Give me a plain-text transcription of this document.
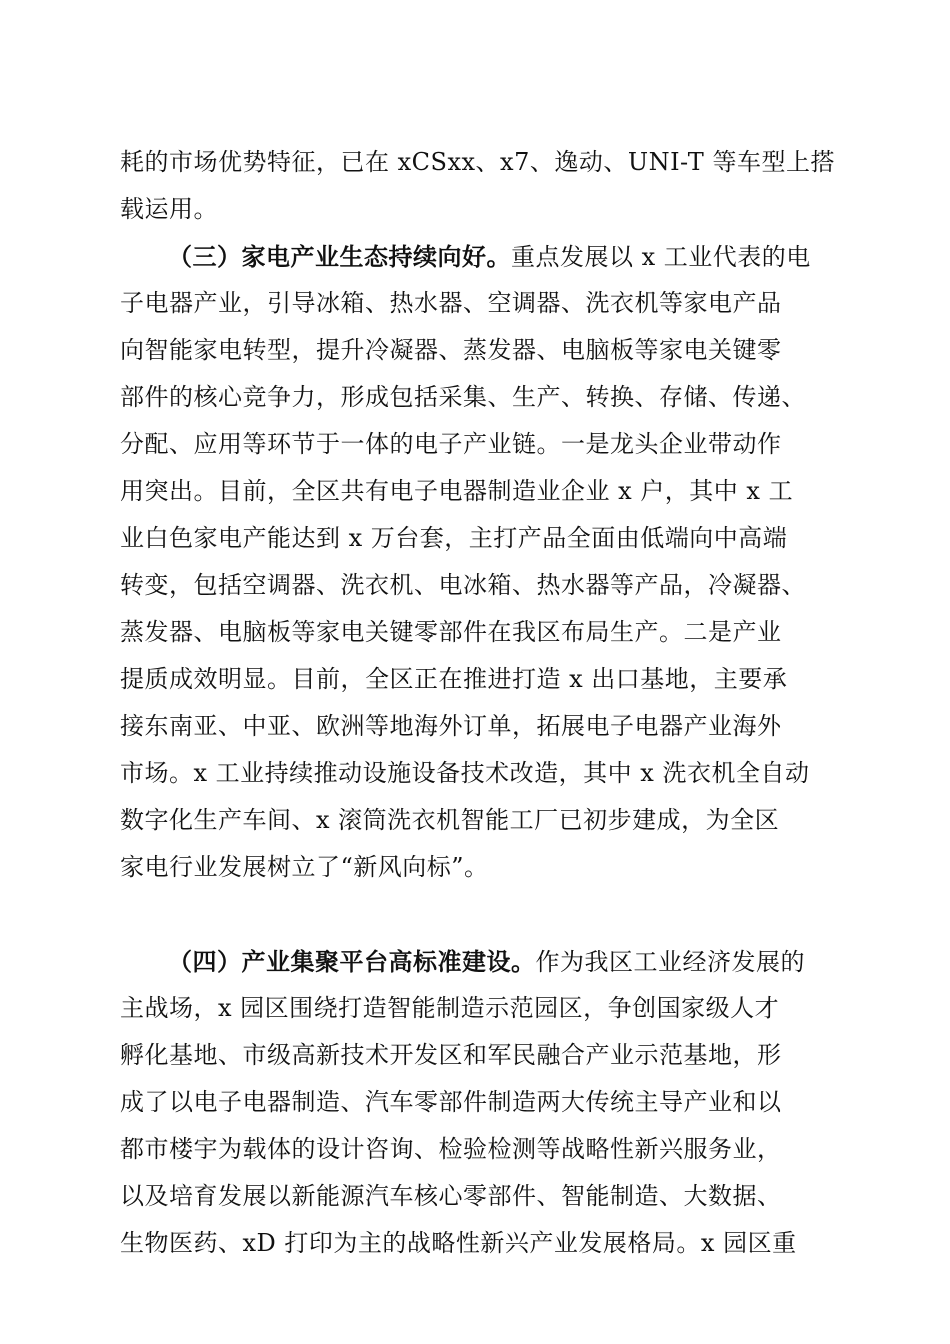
耗的市场优势特征，已在 xCSxx、x7、逸动、UNI-T 等车型上搭
载运用。
（三）家电产业生态持续向好。重点发展以 x 工业代表的电
子电器产业，引导冰箱、热水器、空调器、洗衣机等家电产品
向智能家电转型，提升冷凝器、蒸发器、电脑板等家电关键零
部件的核心竞争力，形成包括采集、生产、转换、存储、传递、
分配、应用等环节于一体的电子产业链。一是龙头企业带动作
用突出。目前，全区共有电子电器制造业企业 x 户，其中 x 工
业白色家电产能达到 x 万台套，主打产品全面由低端向中高端
转变，包括空调器、洗衣机、电冰箱、热水器等产品，冷凝器、
蒸发器、电脑板等家电关键零部件在我区布局生产。二是产业
提质成效明显。目前，全区正在推进打造 x 出口基地，主要承
接东南亚、中亚、欧洲等地海外订单，拓展电子电器产业海外
市场。x 工业持续推动设施设备技术改造，其中 x 洗衣机全自动
数字化生产车间、x 滚筒洗衣机智能工厂已初步建成，为全区
家电行业发展树立了“新风向标”。
（四）产业集聚平台高标准建设。作为我区工业经济发展的
主战场，x 园区围绕打造智能制造示范园区，争创国家级人才
孵化基地、市级高新技术开发区和军民融合产业示范基地，形
成了以电子电器制造、汽车零部件制造两大传统主导产业和以
都市楼宇为载体的设计咨询、检验检测等战略性新兴服务业，
以及培育发展以新能源汽车核心零部件、智能制造、大数据、
生物医药、xD 打印为主的战略性新兴产业发展格局。x 园区重
